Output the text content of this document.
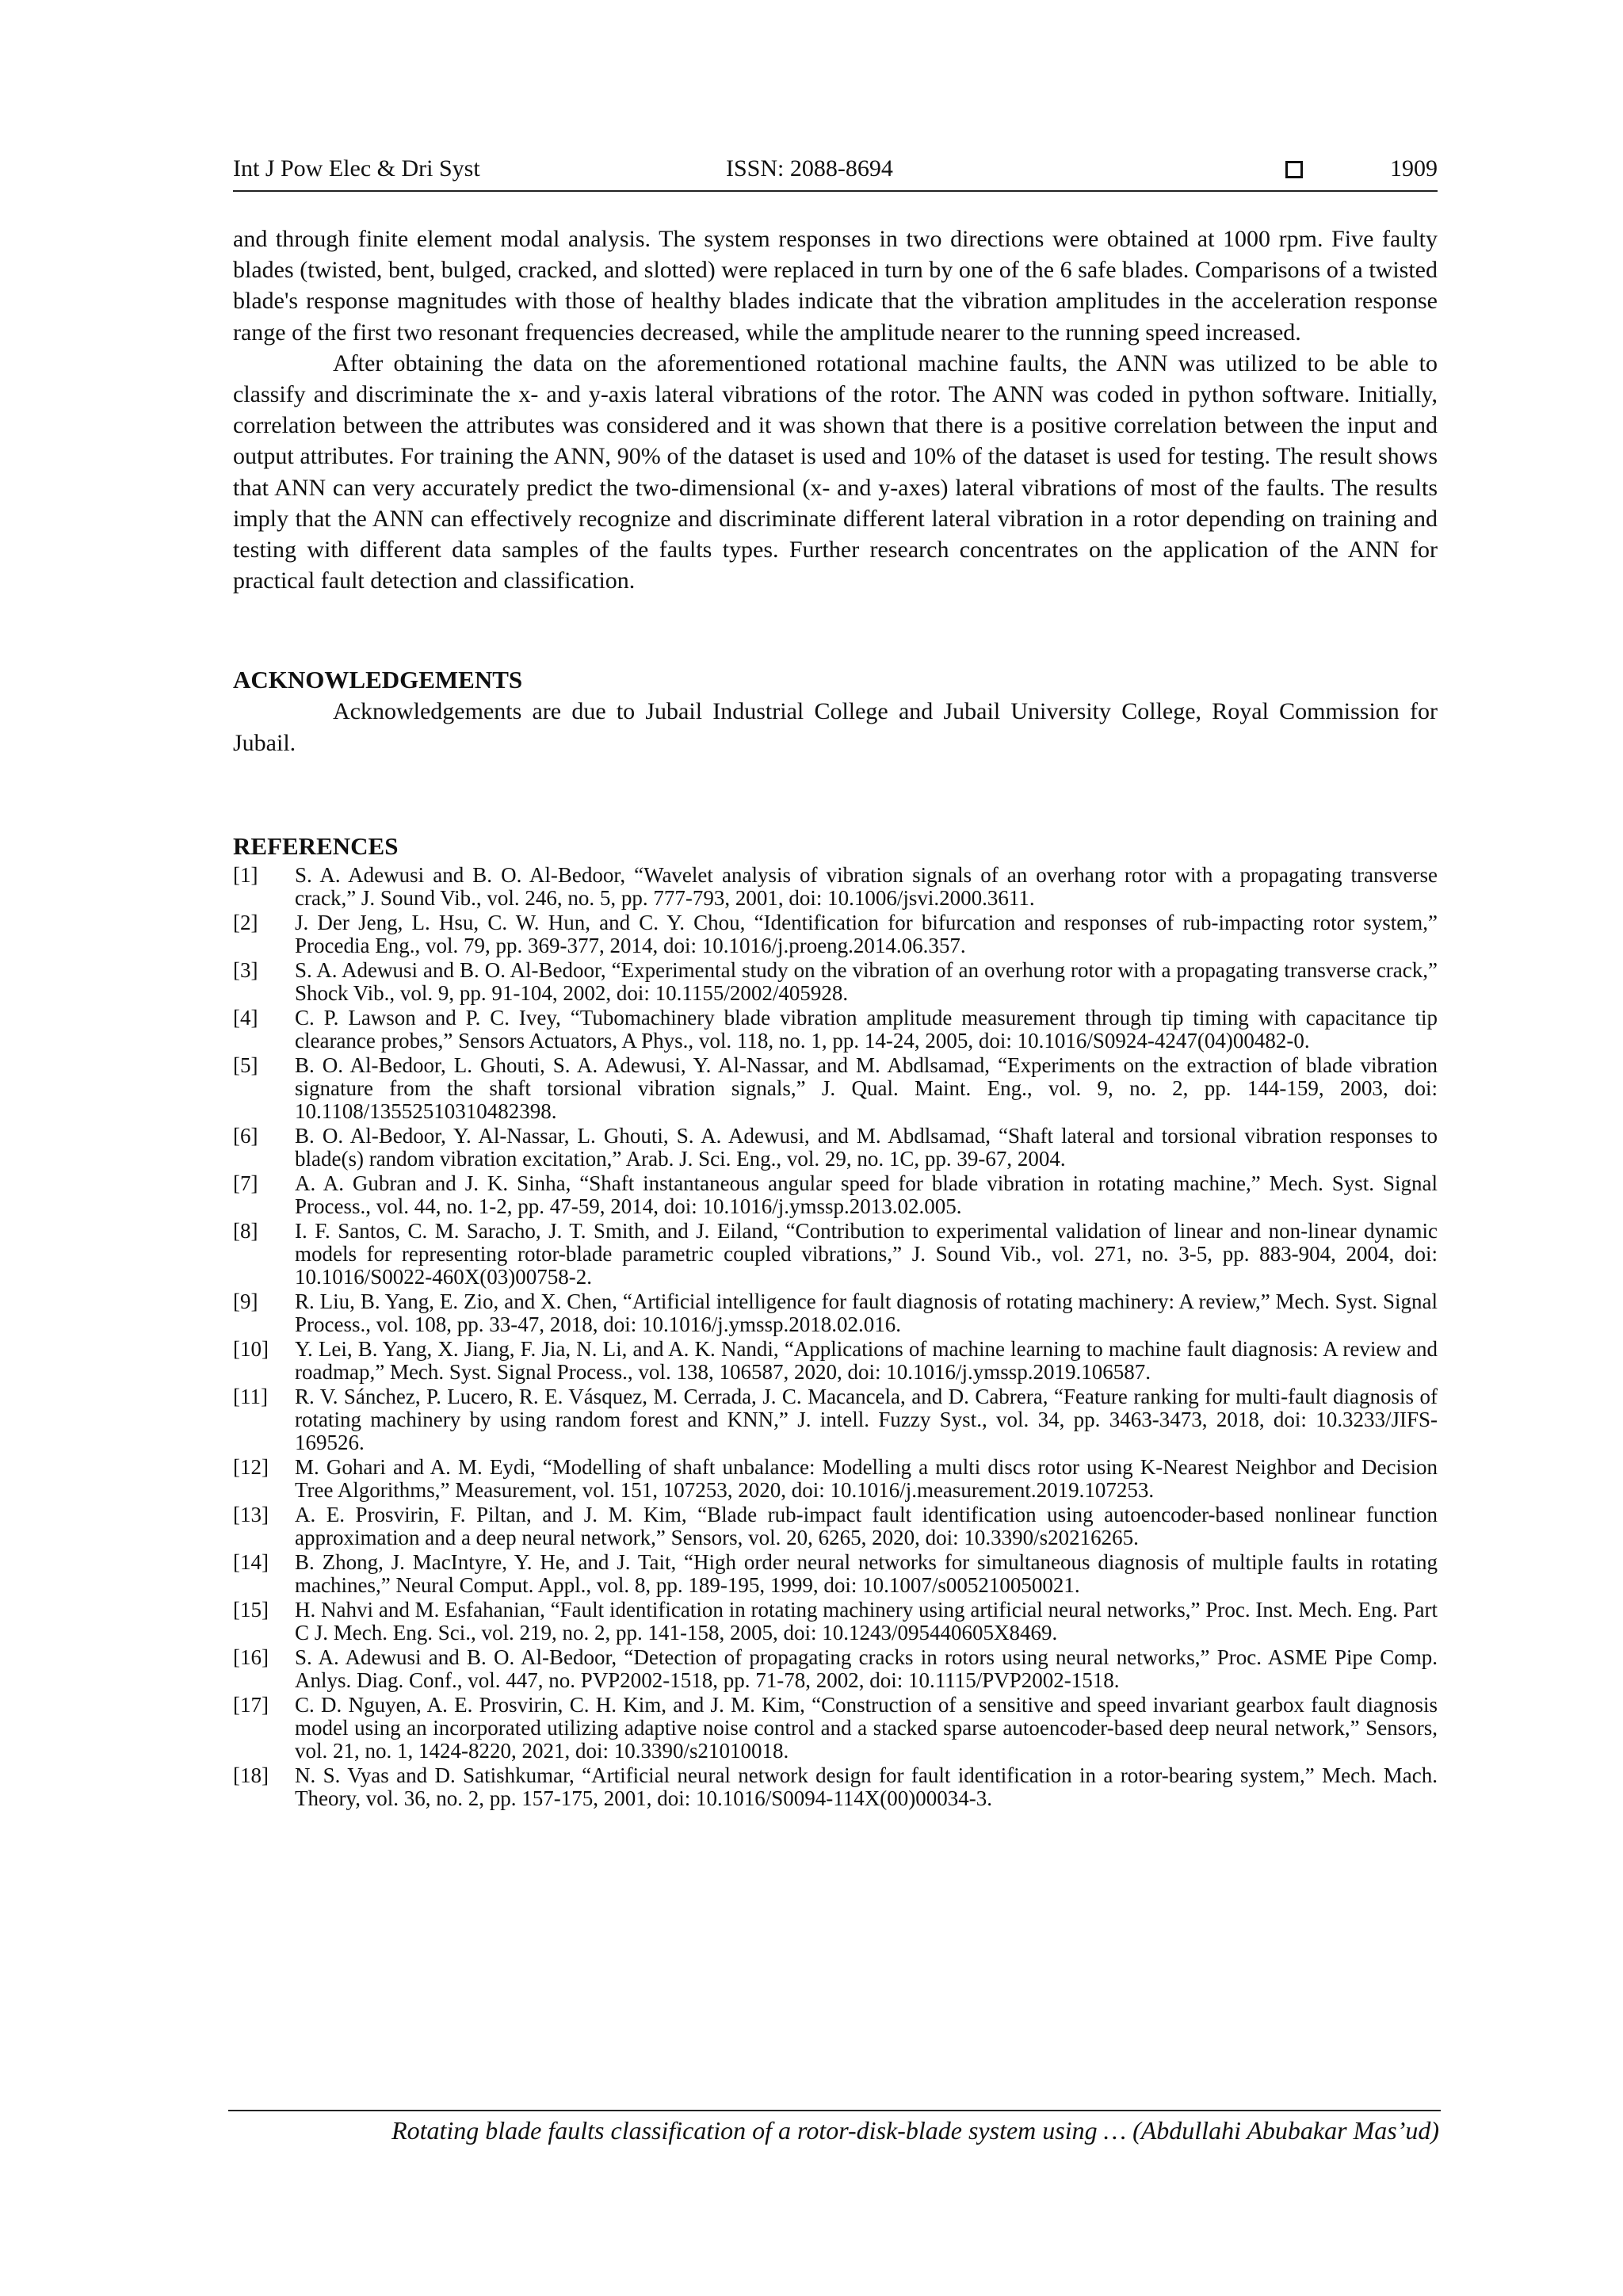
Int J Pow Elec & Dri Syst	ISSN: 2088-8694	1909

and through finite element modal analysis. The system responses in two directions were obtained at 1000 rpm. Five faulty blades (twisted, bent, bulged, cracked, and slotted) were replaced in turn by one of the 6 safe blades. Comparisons of a twisted blade's response magnitudes with those of healthy blades indicate that the vibration amplitudes in the acceleration response range of the first two resonant frequencies decreased, while the amplitude nearer to the running speed increased.

After obtaining the data on the aforementioned rotational machine faults, the ANN was utilized to be able to classify and discriminate the x- and y-axis lateral vibrations of the rotor. The ANN was coded in python software. Initially, correlation between the attributes was considered and it was shown that there is a positive correlation between the input and output attributes. For training the ANN, 90% of the dataset is used and 10% of the dataset is used for testing. The result shows that ANN can very accurately predict the two-dimensional (x- and y-axes) lateral vibrations of most of the faults. The results imply that the ANN can effectively recognize and discriminate different lateral vibration in a rotor depending on training and testing with different data samples of the faults types. Further research concentrates on the application of the ANN for practical fault detection and classification.

ACKNOWLEDGEMENTS

Acknowledgements are due to Jubail Industrial College and Jubail University College, Royal Commission for Jubail.

REFERENCES
[1]	S. A. Adewusi and B. O. Al-Bedoor, “Wavelet analysis of vibration signals of an overhang rotor with a propagating transverse crack,” J. Sound Vib., vol. 246, no. 5, pp. 777-793, 2001, doi: 10.1006/jsvi.2000.3611.
[2]	J. Der Jeng, L. Hsu, C. W. Hun, and C. Y. Chou, “Identification for bifurcation and responses of rub-impacting rotor system,” Procedia Eng., vol. 79, pp. 369-377, 2014, doi: 10.1016/j.proeng.2014.06.357.
[3]	S. A. Adewusi and B. O. Al-Bedoor, “Experimental study on the vibration of an overhung rotor with a propagating transverse crack,” Shock Vib., vol. 9, pp. 91-104, 2002, doi: 10.1155/2002/405928.
[4]	C. P. Lawson and P. C. Ivey, “Tubomachinery blade vibration amplitude measurement through tip timing with capacitance tip clearance probes,” Sensors Actuators, A Phys., vol. 118, no. 1, pp. 14-24, 2005, doi: 10.1016/S0924-4247(04)00482-0.
[5]	B. O. Al-Bedoor, L. Ghouti, S. A. Adewusi, Y. Al-Nassar, and M. Abdlsamad, “Experiments on the extraction of blade vibration signature from the shaft torsional vibration signals,” J. Qual. Maint. Eng., vol. 9, no. 2, pp. 144-159, 2003, doi: 10.1108/13552510310482398.
[6]	B. O. Al-Bedoor, Y. Al-Nassar, L. Ghouti, S. A. Adewusi, and M. Abdlsamad, “Shaft lateral and torsional vibration responses to blade(s) random vibration excitation,” Arab. J. Sci. Eng., vol. 29, no. 1C, pp. 39-67, 2004.
[7]	A. A. Gubran and J. K. Sinha, “Shaft instantaneous angular speed for blade vibration in rotating machine,” Mech. Syst. Signal Process., vol. 44, no. 1-2, pp. 47-59, 2014, doi: 10.1016/j.ymssp.2013.02.005.
[8]	I. F. Santos, C. M. Saracho, J. T. Smith, and J. Eiland, “Contribution to experimental validation of linear and non-linear dynamic models for representing rotor-blade parametric coupled vibrations,” J. Sound Vib., vol. 271, no. 3-5, pp. 883-904, 2004, doi: 10.1016/S0022-460X(03)00758-2.
[9]	R. Liu, B. Yang, E. Zio, and X. Chen, “Artificial intelligence for fault diagnosis of rotating machinery: A review,” Mech. Syst. Signal Process., vol. 108, pp. 33-47, 2018, doi: 10.1016/j.ymssp.2018.02.016.
[10]	Y. Lei, B. Yang, X. Jiang, F. Jia, N. Li, and A. K. Nandi, “Applications of machine learning to machine fault diagnosis: A review and roadmap,” Mech. Syst. Signal Process., vol. 138, 106587, 2020, doi: 10.1016/j.ymssp.2019.106587.
[11]	R. V. Sánchez, P. Lucero, R. E. Vásquez, M. Cerrada, J. C. Macancela, and D. Cabrera, “Feature ranking for multi-fault diagnosis of rotating machinery by using random forest and KNN,” J. intell. Fuzzy Syst., vol. 34, pp. 3463-3473, 2018, doi: 10.3233/JIFS-169526.
[12]	M. Gohari and A. M. Eydi, “Modelling of shaft unbalance: Modelling a multi discs rotor using K-Nearest Neighbor and Decision Tree Algorithms,” Measurement, vol. 151, 107253, 2020, doi: 10.1016/j.measurement.2019.107253.
[13]	A. E. Prosvirin, F. Piltan, and J. M. Kim, “Blade rub-impact fault identification using autoencoder-based nonlinear function approximation and a deep neural network,” Sensors, vol. 20, 6265, 2020, doi: 10.3390/s20216265.
[14]	B. Zhong, J. MacIntyre, Y. He, and J. Tait, “High order neural networks for simultaneous diagnosis of multiple faults in rotating machines,” Neural Comput. Appl., vol. 8, pp. 189-195, 1999, doi: 10.1007/s005210050021.
[15]	H. Nahvi and M. Esfahanian, “Fault identification in rotating machinery using artificial neural networks,” Proc. Inst. Mech. Eng. Part C J. Mech. Eng. Sci., vol. 219, no. 2, pp. 141-158, 2005, doi: 10.1243/095440605X8469.
[16]	S. A. Adewusi and B. O. Al-Bedoor, “Detection of propagating cracks in rotors using neural networks,” Proc. ASME Pipe Comp. Anlys. Diag. Conf., vol. 447, no. PVP2002-1518, pp. 71-78, 2002, doi: 10.1115/PVP2002-1518.
[17]	C. D. Nguyen, A. E. Prosvirin, C. H. Kim, and J. M. Kim, “Construction of a sensitive and speed invariant gearbox fault diagnosis model using an incorporated utilizing adaptive noise control and a stacked sparse autoencoder-based deep neural network,” Sensors, vol. 21, no. 1, 1424-8220, 2021, doi: 10.3390/s21010018.
[18]	N. S. Vyas and D. Satishkumar, “Artificial neural network design for fault identification in a rotor-bearing system,” Mech. Mach. Theory, vol. 36, no. 2, pp. 157-175, 2001, doi: 10.1016/S0094-114X(00)00034-3.
Rotating blade faults classification of a rotor-disk-blade system using … (Abdullahi Abubakar Mas’ud)
